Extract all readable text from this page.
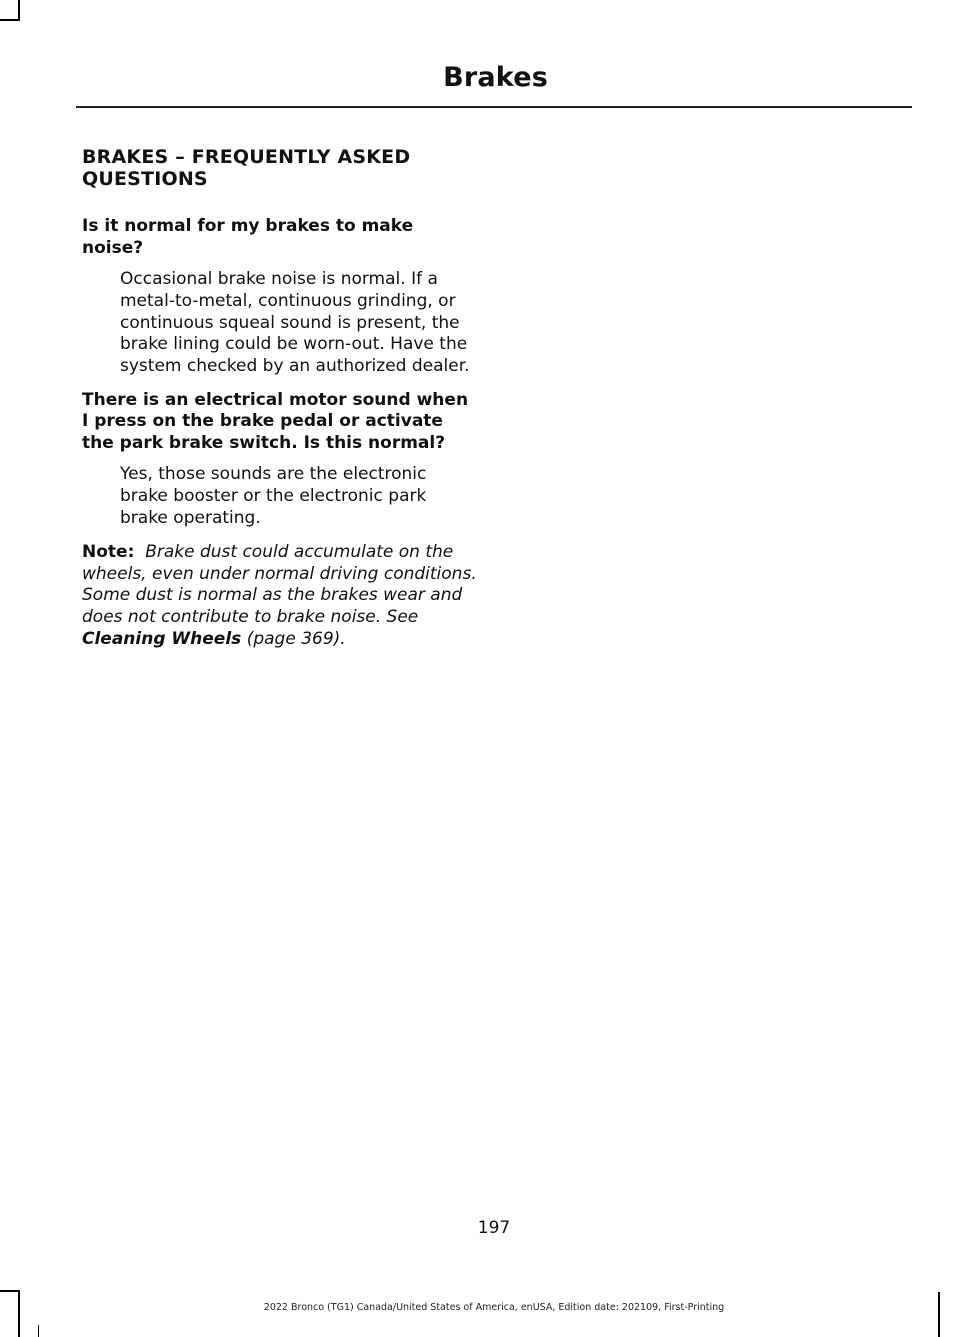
Brakes
BRAKES – FREQUENTLY ASKED QUESTIONS
Is it normal for my brakes to make noise?
Occasional brake noise is normal. If a metal-to-metal, continuous grinding, or continuous squeal sound is present, the brake lining could be worn-out. Have the system checked by an authorized dealer.
There is an electrical motor sound when I press on the brake pedal or activate the park brake switch. Is this normal?
Yes, those sounds are the electronic brake booster or the electronic park brake operating.

Note: Brake dust could accumulate on the wheels, even under normal driving conditions. Some dust is normal as the brakes wear and does not contribute to brake noise. See Cleaning Wheels (page 369).

197
2022 Bronco (TG1) Canada/United States of America, enUSA, Edition date: 202109, First-Printing
